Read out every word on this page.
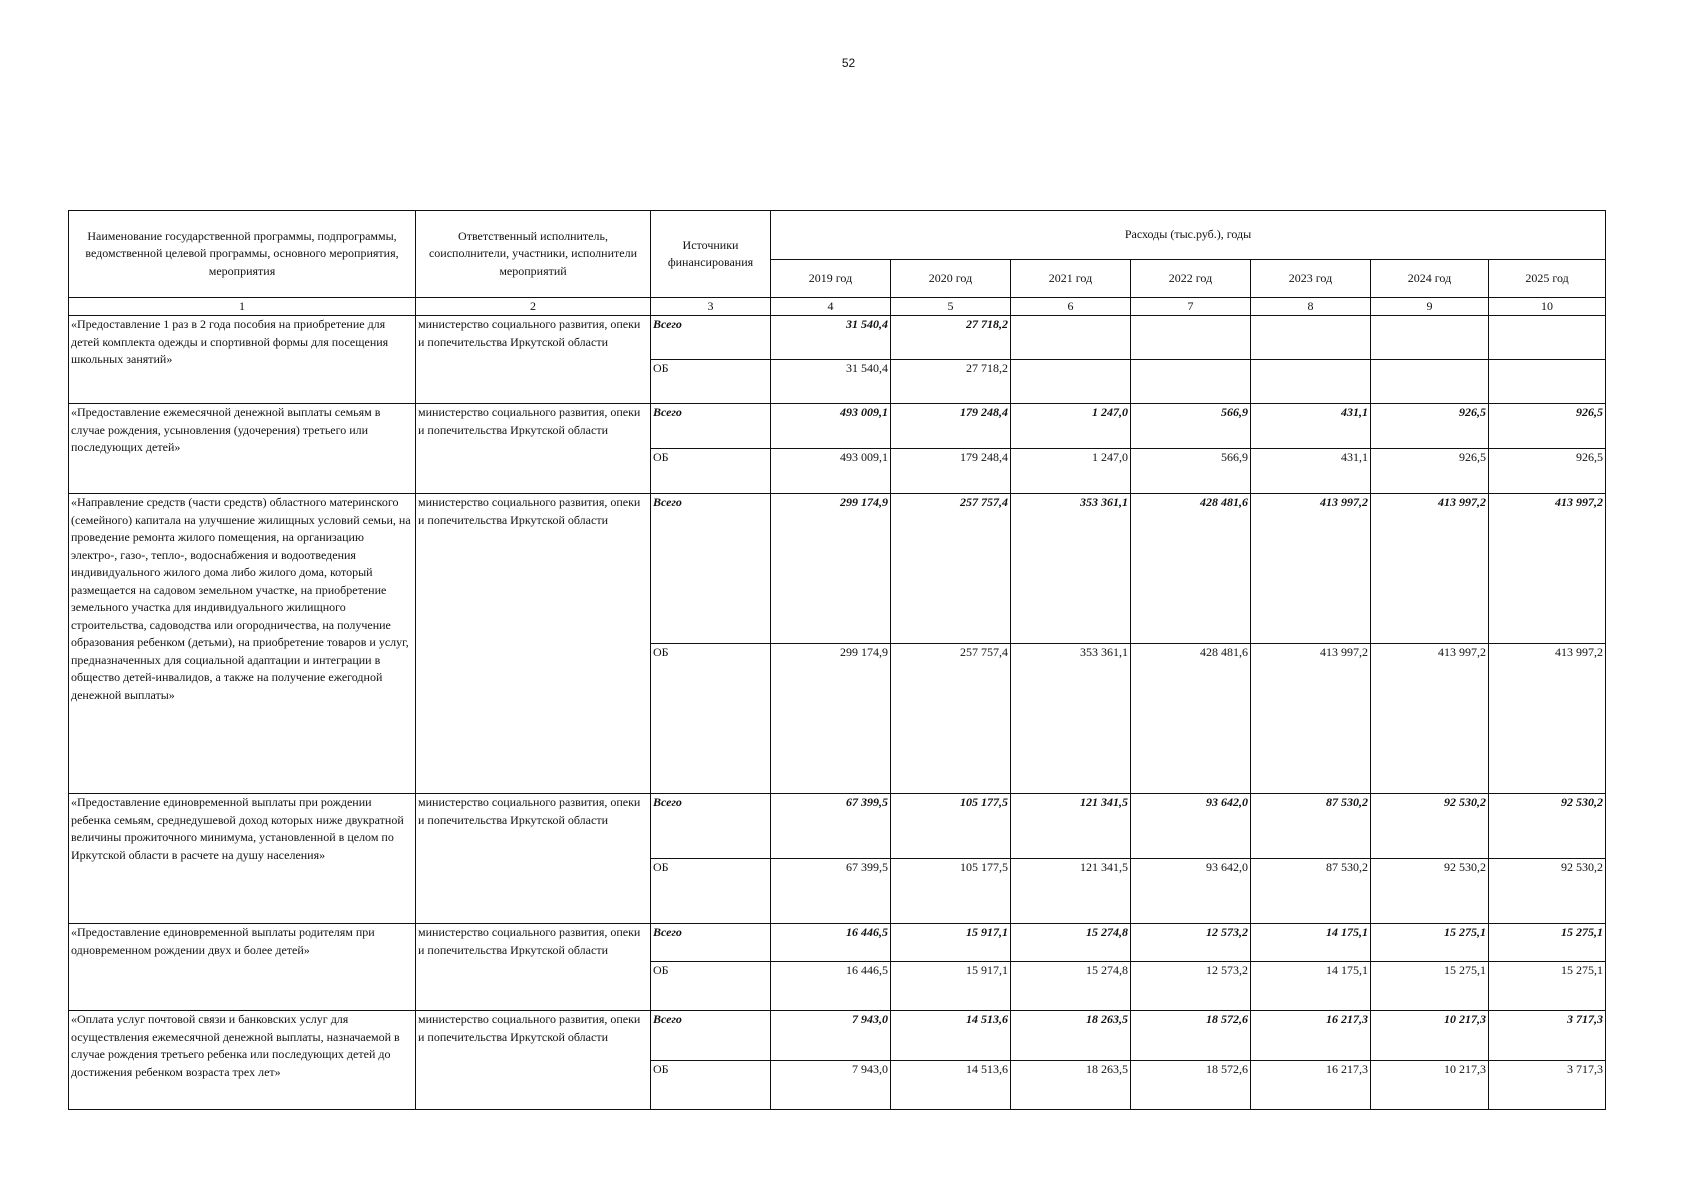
52
Наименование государственной программы, подпрограммы, ведомственной целевой программы, основного мероприятия, мероприятия	Ответственный исполнитель, соисполнители, участники, исполнители мероприятий	Источники финансирования	Расходы (тыс.руб.), годы						
			2019 год	2020 год	2021 год	2022 год	2023 год	2024 год	2025 год
1	2	3	4	5	6	7	8	9	10
«Предоставление 1 раз в 2 года пособия на приобретение для детей комплекта одежды и спортивной формы для посещения школьных занятий»	министерство социального развития, опеки и попечительства Иркутской области	Всего	31 540,4	27 718,2					
		ОБ	31 540,4	27 718,2					
«Предоставление ежемесячной денежной выплаты семьям в случае рождения, усыновления (удочерения) третьего или последующих детей»	министерство социального развития, опеки и попечительства Иркутской области	Всего	493 009,1	179 248,4	1 247,0	566,9	431,1	926,5	926,5
		ОБ	493 009,1	179 248,4	1 247,0	566,9	431,1	926,5	926,5
«Направление средств (части средств) областного материнского (семейного) капитала на улучшение жилищных условий семьи, на проведение ремонта жилого помещения, на организацию электро-, газо-, тепло-, водоснабжения и водоотведения индивидуального жилого дома либо жилого дома, который размещается на садовом земельном участке, на приобретение земельного участка для индивидуального жилищного строительства, садоводства или огородничества, на получение образования ребенком (детьми), на приобретение товаров и услуг, предназначенных для социальной адаптации и интеграции в общество детей-инвалидов, а также на получение ежегодной денежной выплаты»	министерство социального развития, опеки и попечительства Иркутской области	Всего	299 174,9	257 757,4	353 361,1	428 481,6	413 997,2	413 997,2	413 997,2
		ОБ	299 174,9	257 757,4	353 361,1	428 481,6	413 997,2	413 997,2	413 997,2
«Предоставление единовременной выплаты при рождении ребенка семьям, среднедушевой доход которых ниже двукратной величины прожиточного минимума, установленной в целом по Иркутской области в расчете на душу населения»	министерство социального развития, опеки и попечительства Иркутской области	Всего	67 399,5	105 177,5	121 341,5	93 642,0	87 530,2	92 530,2	92 530,2
		ОБ	67 399,5	105 177,5	121 341,5	93 642,0	87 530,2	92 530,2	92 530,2
«Предоставление единовременной выплаты родителям при одновременном рождении двух и более детей»	министерство социального развития, опеки и попечительства Иркутской области	Всего	16 446,5	15 917,1	15 274,8	12 573,2	14 175,1	15 275,1	15 275,1
		ОБ	16 446,5	15 917,1	15 274,8	12 573,2	14 175,1	15 275,1	15 275,1
«Оплата услуг почтовой связи и банковских услуг для осуществления ежемесячной денежной выплаты, назначаемой в случае рождения третьего ребенка или последующих детей до достижения ребенком возраста трех лет»	министерство социального развития, опеки и попечительства Иркутской области	Всего	7 943,0	14 513,6	18 263,5	18 572,6	16 217,3	10 217,3	3 717,3
		ОБ	7 943,0	14 513,6	18 263,5	18 572,6	16 217,3	10 217,3	3 717,3
